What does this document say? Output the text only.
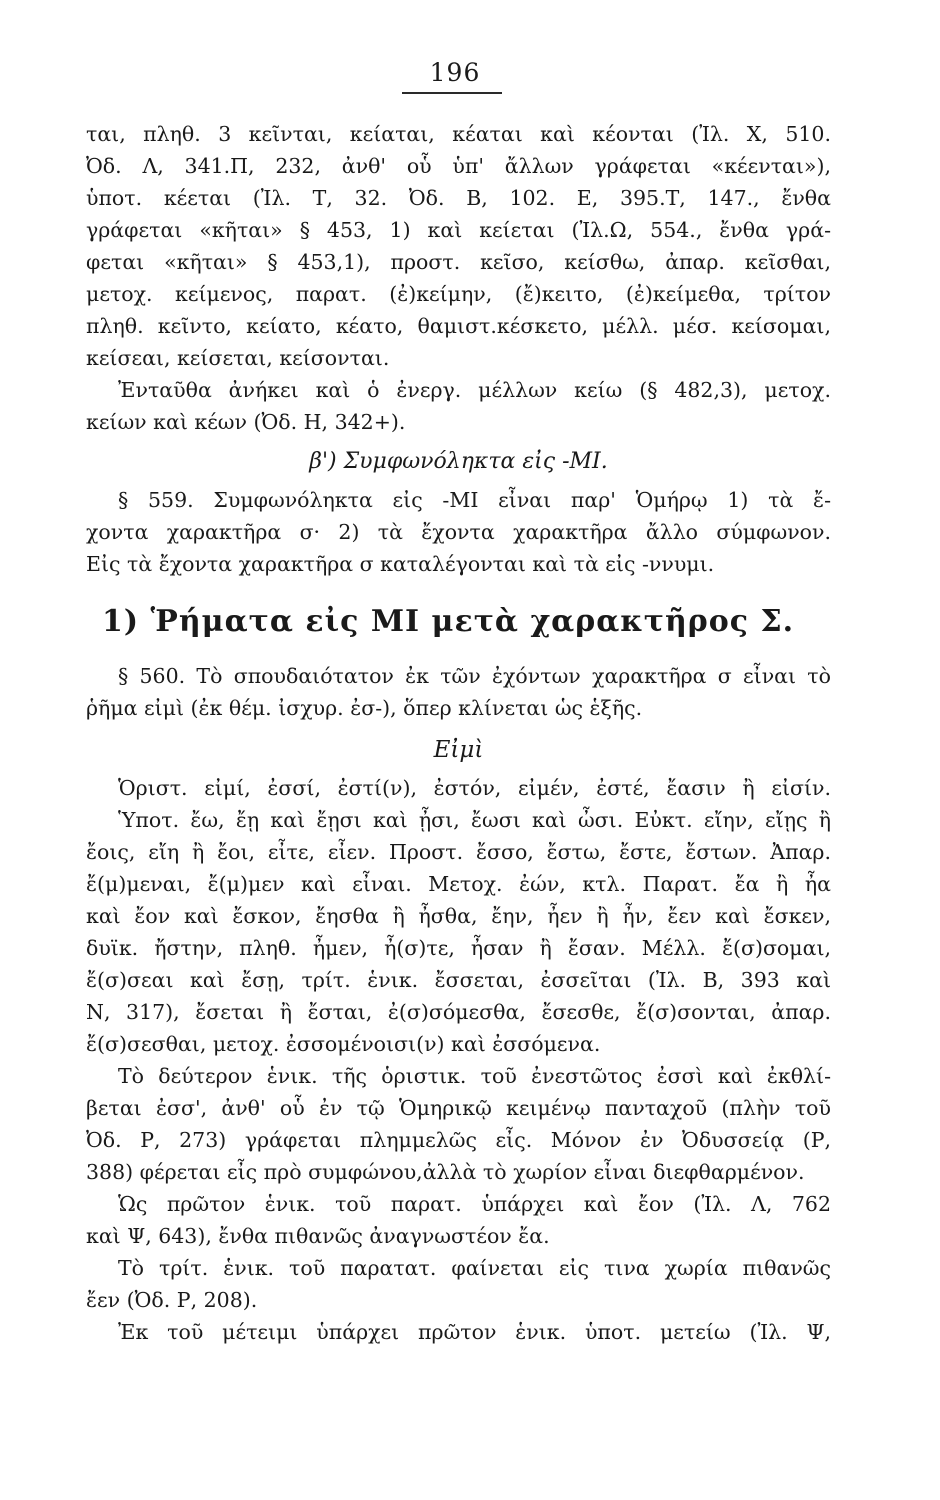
196
ται, πληθ. 3 κεῖνται, κείαται, κέαται καὶ κέονται (Ἰλ. Χ, 510.
Ὀδ. Λ, 341.Π, 232, ἀνθ' οὗ ὑπ' ἄλλων γράφεται «κέενται»),
ὑποτ. κέεται (Ἰλ. Τ, 32. Ὀδ. Β, 102. Ε, 395.Τ, 147., ἔνθα
γράφεται «κῆται» § 453, 1) καὶ κείεται (Ἰλ.Ω, 554., ἔνθα γρά-
φεται «κῆται» § 453,1), προστ. κεῖσο, κείσθω, ἀπαρ. κεῖσθαι,
μετοχ. κείμενος, παρατ. (ἐ)κείμην, (ἔ)κειτο, (ἐ)κείμεθα, τρίτον
πληθ. κεῖντο, κείατο, κέατο, θαμιστ.κέσκετο, μέλλ. μέσ. κείσομαι,
κείσεαι, κείσεται, κείσονται.
Ἐνταῦθα ἀνήκει καὶ ὁ ἐνεργ. μέλλων κείω (§ 482,3), μετοχ.
κείων καὶ κέων (Ὀδ. Η, 342+).
β') Συμφωνόληκτα εἰς -ΜΙ.
§ 559. Συμφωνόληκτα εἰς -ΜΙ εἶναι παρ' Ὁμήρῳ 1) τὰ ἔ-
χοντα χαρακτῆρα σ· 2) τὰ ἔχοντα χαρακτῆρα ἄλλο σύμφωνον.
Εἰς τὰ ἔχοντα χαρακτῆρα σ καταλέγονται καὶ τὰ εἰς -ννυμι.
1) Ῥήματα εἰς ΜΙ μετὰ χαρακτῆρος Σ.
§ 560. Τὸ σπουδαιότατον ἐκ τῶν ἐχόντων χαρακτῆρα σ εἶναι τὸ
ῥῆμα εἰμὶ (ἐκ θέμ. ἰσχυρ. ἐσ-), ὅπερ κλίνεται ὡς ἑξῆς.
Εἰμὶ
Ὁριστ. εἰμί, ἐσσί, ἐστί(ν), ἐστόν, εἰμέν, ἐστέ, ἔασιν ἢ εἰσίν.
Ὑποτ. ἔω, ἔῃ καὶ ἔῃσι καὶ ᾖσι, ἔωσι καὶ ὦσι. Εὐκτ. εἴην, εἴῃς ἢ
ἔοις, εἴη ἢ ἔοι, εἶτε, εἶεν. Προστ. ἔσσο, ἔστω, ἔστε, ἔστων. Ἀπαρ.
ἔ(μ)μεναι, ἔ(μ)μεν καὶ εἶναι. Μετοχ. ἐών, κτλ. Παρατ. ἔα ἢ ἦα
καὶ ἔον καὶ ἔσκον, ἔησθα ἢ ἦσθα, ἔην, ἦεν ἢ ἦν, ἔεν καὶ ἔσκεν,
δυϊκ. ἤστην, πληθ. ἦμεν, ἦ(σ)τε, ἦσαν ἢ ἔσαν. Μέλλ. ἔ(σ)σομαι,
ἔ(σ)σεαι καὶ ἔσῃ, τρίτ. ἑνικ. ἔσσεται, ἐσσεῖται (Ἰλ. Β, 393 καὶ
Ν, 317), ἔσεται ἢ ἔσται, ἐ(σ)σόμεσθα, ἔσεσθε, ἔ(σ)σονται, ἀπαρ.
ἔ(σ)σεσθαι, μετοχ. ἐσσομένοισι(ν) καὶ ἐσσόμενα.
Τὸ δεύτερον ἑνικ. τῆς ὁριστικ. τοῦ ἐνεστῶτος ἐσσὶ καὶ ἐκθλί-
βεται ἐσσ', ἀνθ' οὗ ἐν τῷ Ὁμηρικῷ κειμένῳ πανταχοῦ (πλὴν τοῦ
Ὀδ. Ρ, 273) γράφεται πλημμελῶς εἶς. Μόνον ἐν Ὀδυσσείᾳ (Ρ,
388) φέρεται εἶς πρὸ συμφώνου,ἀλλὰ τὸ χωρίον εἶναι διεφθαρμένον.
Ὡς πρῶτον ἑνικ. τοῦ παρατ. ὑπάρχει καὶ ἔον (Ἰλ. Λ, 762
καὶ Ψ, 643), ἔνθα πιθανῶς ἀναγνωστέον ἔα.
Τὸ τρίτ. ἑνικ. τοῦ παρατατ. φαίνεται εἰς τινα χωρία πιθανῶς
ἔεν (Ὀδ. Ρ, 208).
Ἐκ τοῦ μέτειμι ὑπάρχει πρῶτον ἑνικ. ὑποτ. μετείω (Ἰλ. Ψ,
